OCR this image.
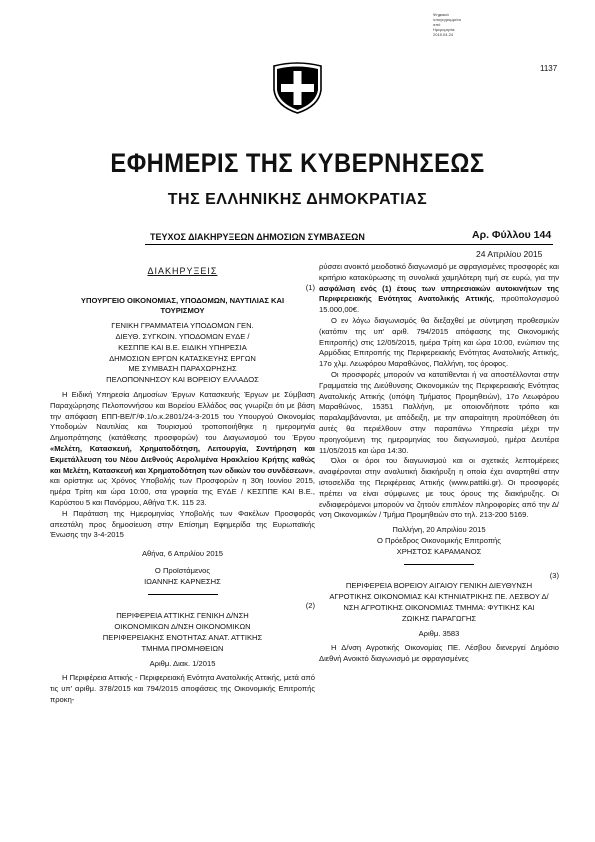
Ψηφιακά
υπογεγραμμένο
από
Ημερομηνία:
2015.04.24
1137
ΕΦΗΜΕΡΙΣ ΤΗΣ ΚΥΒΕΡΝΗΣΕΩΣ
ΤΗΣ ΕΛΛΗΝΙΚΗΣ ΔΗΜΟΚΡΑΤΙΑΣ
ΤΕΥΧΟΣ ΔΙΑΚΗΡΥΞΕΩΝ ΔΗΜΟΣΙΩΝ ΣΥΜΒΑΣΕΩΝ	Αρ. Φύλλου 144
24 Απριλίου 2015
ΔΙΑΚΗΡΥΞΕΙΣ

(1)

ΥΠΟΥΡΓΕΙΟ ΟΙΚΟΝΟΜΙΑΣ, ΥΠΟΔΟΜΩΝ, ΝΑΥΤΙΛΙΑΣ ΚΑΙ ΤΟΥΡΙΣΜΟΥ
ΓΕΝΙΚΗ ΓΡΑΜΜΑΤΕΙΑ ΥΠΟΔΟΜΩΝ ΓΕΝ. ΔΙΕΥΘ. ΣΥΓΚΟΙΝ. ΥΠΟΔΟΜΩΝ ΕΥΔΕ /ΚΕΣΠΠΕ ΚΑΙ Β.Ε. ΕΙΔΙΚΗ ΥΠΗΡΕΣΙΑ ΔΗΜΟΣΙΩΝ ΕΡΓΩΝ ΚΑΤΑΣΚΕΥΗΣ ΕΡΓΩΝ ΜΕ ΣΥΜΒΑΣΗ ΠΑΡΑΧΩΡΗΣΗΣ ΠΕΛΟΠΟΝΝΗΣΟΥ ΚΑΙ ΒΟΡΕΙΟΥ ΕΛΛΑΔΟΣ

Η Ειδική Υπηρεσία Δημοσίων Έργων Κατασκευής Έργων με Σύμβαση Παραχώρησης Πελοποννήσου και Βορείου Ελλάδος σας γνωρίζει ότι με βάση την απόφαση ΕΠΠ-ΒΕ/Γ/Φ.1/ο.κ.2801/24-3-2015 του Υπουργού Οικονομίας Υποδομών Ναυτιλίας και Τουρισμού τροποποιήθηκε η ημερομηνία Δημοπράτησης (κατάθεσης προσφορών) του Διαγωνισμού του Έργου «Μελέτη, Κατασκευή, Χρηματοδότηση, Λειτουργία, Συντήρηση και Εκμετάλλευση του Νέου Διεθνούς Αερολιμένα Ηρακλείου Κρήτης καθώς και Μελέτη, Κατασκευή και Χρηματοδότηση των οδικών του συνδέσεων», και ορίστηκε ως Χρόνος Υποβολής των Προσφορών η 30η Ιουνίου 2015, ημέρα Τρίτη και ώρα 10:00, στα γραφεία της ΕΥΔΕ / ΚΕΣΠΠΕ ΚΑΙ Β.Ε., Καρύστου 5 και Πανόρμου, Αθήνα Τ.Κ. 115 23.

Η Παράταση της Ημερομηνίας Υποβολής των Φακέλων Προσφοράς απεστάλη προς δημοσίευση στην Επίσημη Εφημερίδα της Ευρωπαϊκής Ένωσης την 3-4-2015

Αθήνα, 6 Απριλίου 2015
Ο Προϊστάμενος
ΙΩΑΝΝΗΣ ΚΑΡΝΕΣΗΣ

(2)

ΠΕΡΙΦΕΡΕΙΑ ΑΤΤΙΚΗΣ ΓΕΝΙΚΗ Δ/ΝΣΗ ΟΙΚΟΝΟΜΙΚΩΝ Δ/ΝΣΗ ΟΙΚΟΝΟΜΙΚΩΝ ΠΕΡΙΦΕΡΕΙΑΚΗΣ ΕΝΟΤΗΤΑΣ ΑΝΑΤ. ΑΤΤΙΚΗΣ ΤΜΗΜΑ ΠΡΟΜΗΘΕΙΩΝ
Αριθμ. Διακ. 1/2015

Η Περιφέρεια Αττικής - Περιφερειακή Ενότητα Ανατολικής Αττικής, μετά από τις υπ' αριθμ. 378/2015 και 794/2015 αποφάσεις της Οικονομικής Επιτροπής προκη-

ρύσσει ανοικτό μειοδοτικό διαγωνισμό με σφραγισμένες προσφορές και κριτήριο κατακύρωσης τη συνολικά χαμηλότερη τιμή σε ευρώ, για την ασφάλιση ενός (1) έτους των υπηρεσιακών αυτοκινήτων της Περιφερειακής Ενότητας Ανατολικής Αττικής, προϋπολογισμού 15.000,00€.

Ο εν λόγω διαγωνισμός θα διεξαχθεί με σύντμηση προθεσμιών (κατόπιν της υπ' αριθ. 794/2015 απόφασης της Οικονομικής Επιτροπής) στις 12/05/2015, ημέρα Τρίτη και ώρα 10:00, ενώπιον της Αρμόδιας Επιτροπής της Περιφερειακής Ενότητας Ανατολικής Αττικής, 17ο χλμ. Λεωφόρου Μαραθώνος, Παλλήνη, τος όροφος.

Οι προσφορές μπορούν να κατατίθενται ή να αποστέλλονται στην Γραμματεία της Διεύθυνσης Οικονομικών της Περιφερειακής Ενότητας Ανατολικής Αττικής (υπόψη Τμήματος Προμηθειών), 17ο Λεωφόρου Μαραθώνος, 15351 Παλλήνη, με οποιονδήποτε τρόπο και παραλαμβάνονται, με απόδειξη, με την απαραίτητη προϋπόθεση ότι αυτές θα περιέλθουν στην παραπάνω Υπηρεσία μέχρι την προηγούμενη της ημερομηνίας του διαγωνισμού, ημέρα Δευτέρα 11/05/2015 και ώρα 14:30.

Όλοι οι όροι του διαγωνισμού και οι σχετικές λεπτομέρειες αναφέρονται στην αναλυτική διακήρυξη η οποία έχει αναρτηθεί στην ιστοσελίδα της Περιφέρειας Αττικής (www.pattiki.gr). Οι προσφορές πρέπει να είναι σύμφωνες με τους όρους της διακήρυξης. Οι ενδιαφερόμενοι μπορούν να ζητούν επιπλέον πληροφορίες από την Δ/νση Οικονομικών / Τμήμα Προμηθειών στο τηλ. 213-200 5169.

Παλλήνη, 20 Απριλίου 2015
Ο Πρόεδρος Οικονομικής Επιτροπής
ΧΡΗΣΤΟΣ ΚΑΡΑΜΑΝΟΣ

(3)

ΠΕΡΙΦΕΡΕΙΑ ΒΟΡΕΙΟΥ ΑΙΓΑΙΟΥ ΓΕΝΙΚΗ ΔΙΕΥΘΥΝΣΗ ΑΓΡΟΤΙΚΗΣ ΟΙΚΟΝΟΜΙΑΣ ΚΑΙ ΚΤΗΝΙΑΤΡΙΚΗΣ ΠΕ. ΛΕΣΒΟΥ Δ/ΝΣΗ ΑΓΡΟΤΙΚΗΣ ΟΙΚΟΝΟΜΙΑΣ ΤΜΗΜΑ: ΦΥΤΙΚΗΣ ΚΑΙ ΖΩΙΚΗΣ ΠΑΡΑΓΩΓΗΣ
Αριθμ. 3583

Η Δ/νση Αγροτικής Οικονομίας ΠΕ. Λέσβου διενεργεί Δημόσιο Διεθνή Ανοικτό διαγωνισμό με σφραγισμένες
